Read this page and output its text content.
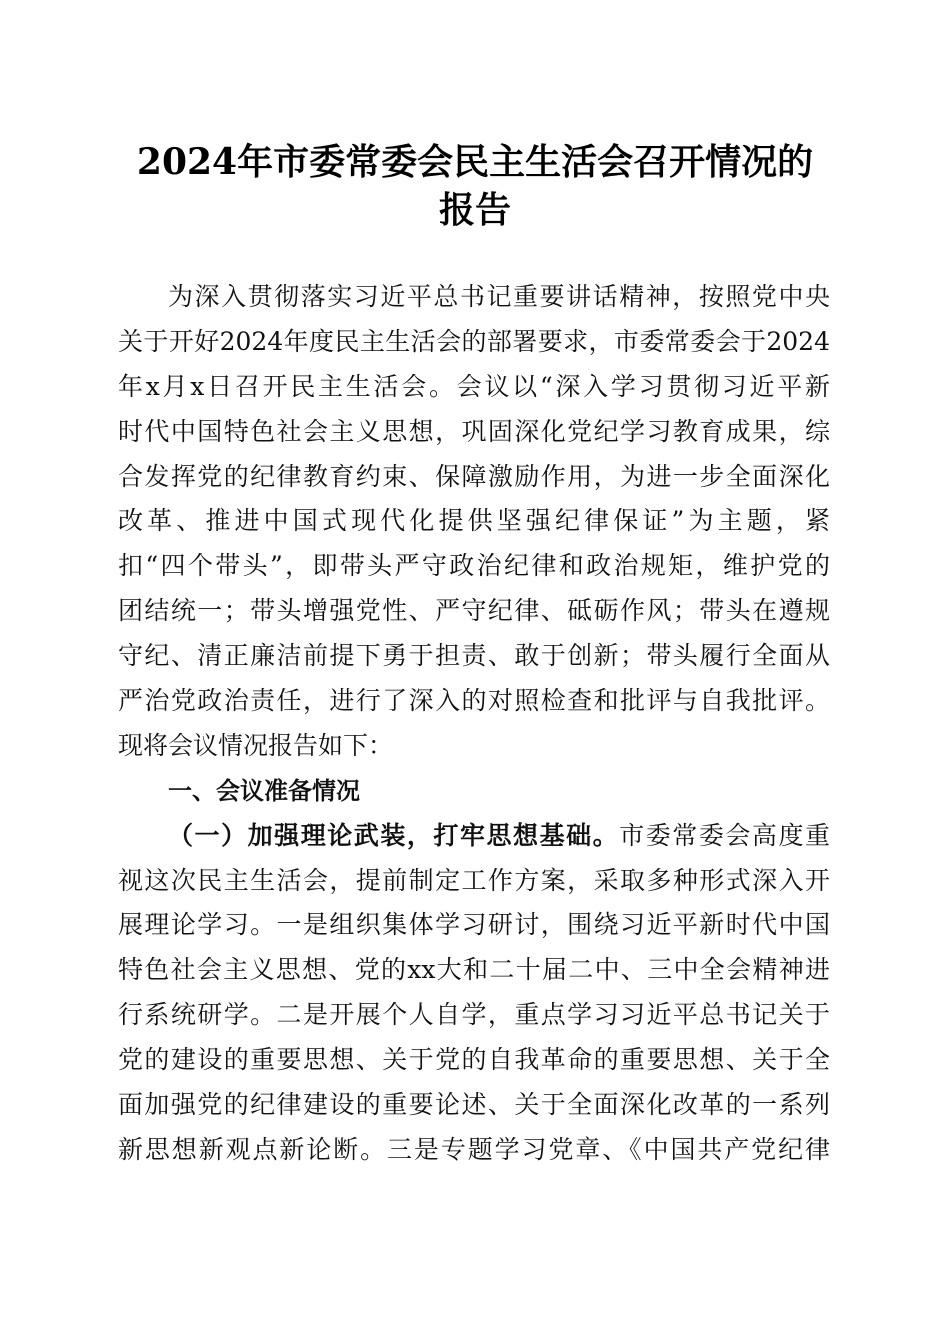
2024年市委常委会民主生活会召开情况的报告
为深入贯彻落实习近平总书记重要讲话精神，按照党中央
关于开好2024年度民主生活会的部署要求，市委常委会于2024
年x月x日召开民主生活会。会议以“深入学习贯彻习近平新
时代中国特色社会主义思想，巩固深化党纪学习教育成果，综
合发挥党的纪律教育约束、保障激励作用，为进一步全面深化
改革、推进中国式现代化提供坚强纪律保证”为主题，紧
扣“四个带头”，即带头严守政治纪律和政治规矩，维护党的
团结统一；带头增强党性、严守纪律、砥砺作风；带头在遵规
守纪、清正廉洁前提下勇于担责、敢于创新；带头履行全面从
严治党政治责任，进行了深入的对照检查和批评与自我批评。
现将会议情况报告如下：
一、会议准备情况
（一）加强理论武装，打牢思想基础。市委常委会高度重
视这次民主生活会，提前制定工作方案，采取多种形式深入开
展理论学习。一是组织集体学习研讨，围绕习近平新时代中国
特色社会主义思想、党的xx大和二十届二中、三中全会精神进
行系统研学。二是开展个人自学，重点学习习近平总书记关于
党的建设的重要思想、关于党的自我革命的重要思想、关于全
面加强党的纪律建设的重要论述、关于全面深化改革的一系列
新思想新观点新论断。三是专题学习党章、《中国共产党纪律
